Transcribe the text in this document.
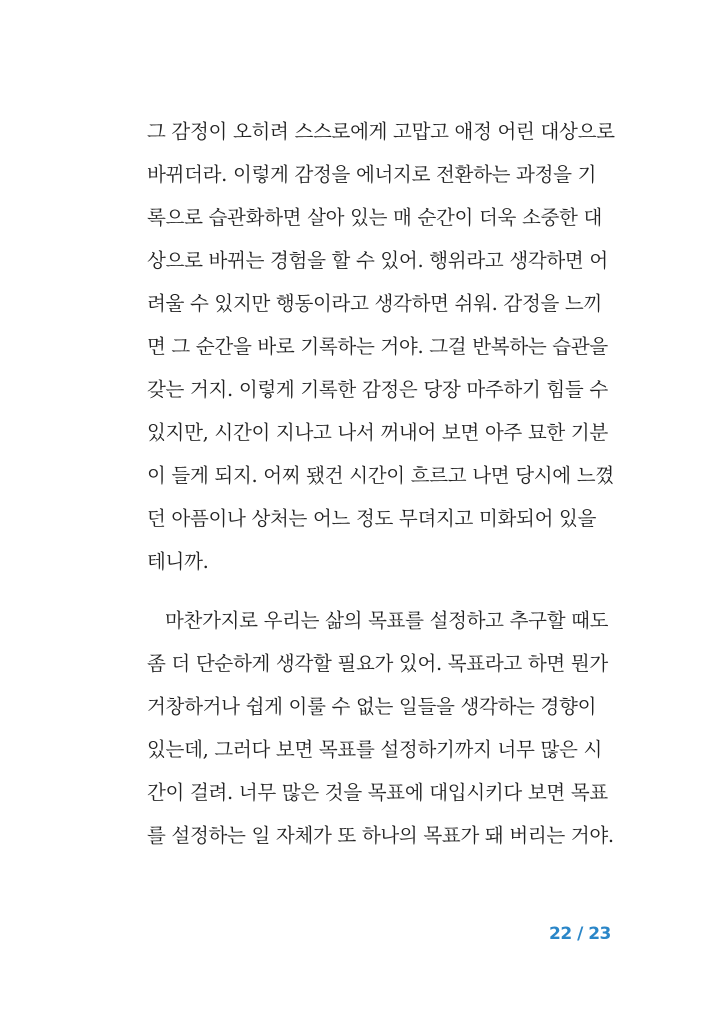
그 감정이 오히려 스스로에게 고맙고 애정 어린 대상으로
바뀌더라. 이렇게 감정을 에너지로 전환하는 과정을 기
록으로 습관화하면 살아 있는 매 순간이 더욱 소중한 대
상으로 바뀌는 경험을 할 수 있어. 행위라고 생각하면 어
려울 수 있지만 행동이라고 생각하면 쉬워. 감정을 느끼
면 그 순간을 바로 기록하는 거야. 그걸 반복하는 습관을
갖는 거지. 이렇게 기록한 감정은 당장 마주하기 힘들 수
있지만, 시간이 지나고 나서 꺼내어 보면 아주 묘한 기분
이 들게 되지. 어찌 됐건 시간이 흐르고 나면 당시에 느꼈
던 아픔이나 상처는 어느 정도 무뎌지고 미화되어 있을
테니까.
마찬가지로 우리는 삶의 목표를 설정하고 추구할 때도
좀 더 단순하게 생각할 필요가 있어. 목표라고 하면 뭔가
거창하거나 쉽게 이룰 수 없는 일들을 생각하는 경향이
있는데, 그러다 보면 목표를 설정하기까지 너무 많은 시
간이 걸려. 너무 많은 것을 목표에 대입시키다 보면 목표
를 설정하는 일 자체가 또 하나의 목표가 돼 버리는 거야.
22 / 23
